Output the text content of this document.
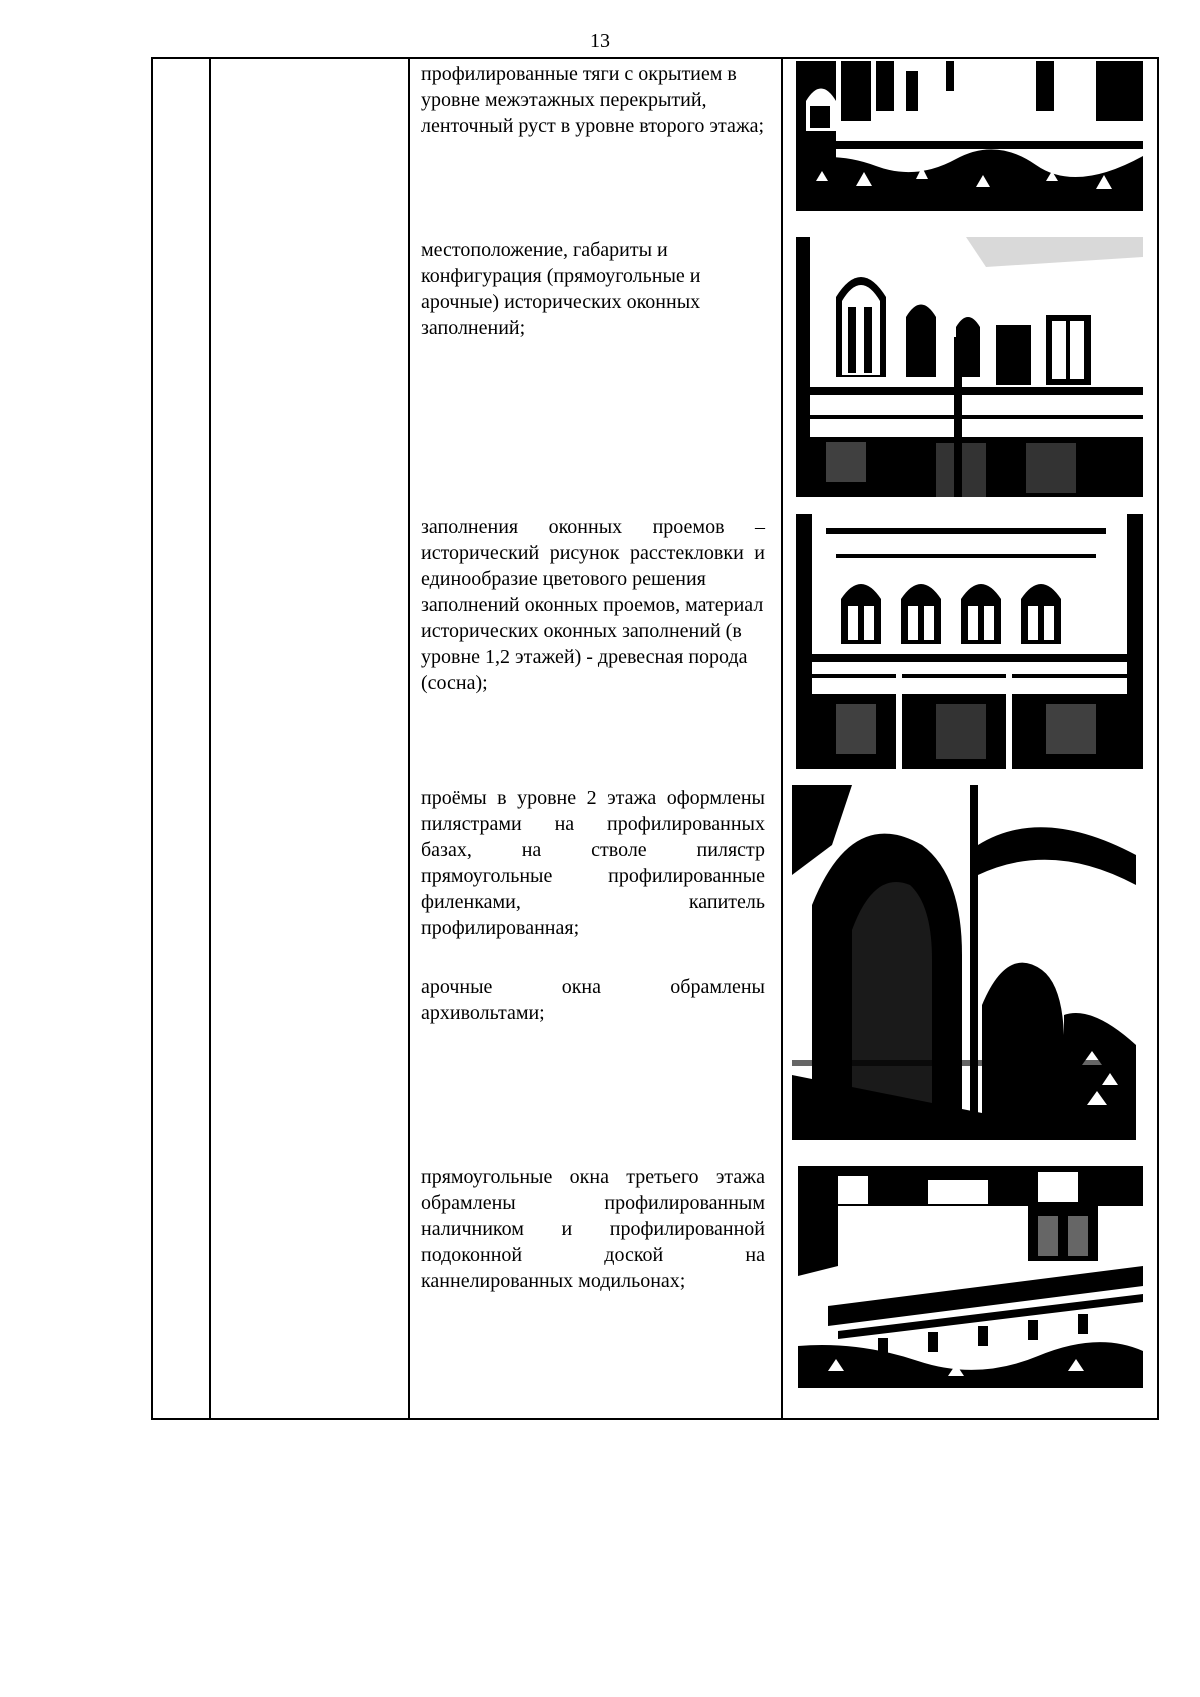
13
профилированные тяги с окрытием в уровне межэтажных перекрытий, ленточный руст в уровне второго этажа;
местоположение, габариты и конфигурация (прямоугольные и арочные) исторических оконных заполнений;
заполнения оконных проемов – исторический рисунок расстекловки и единообразие цветового решения
заполнений оконных проемов, материал исторических оконных заполнений (в уровне 1,2 этажей) - древесная порода (сосна);
проёмы в уровне 2 этажа оформлены пилястрами на профилированных базах, на стволе пилястр прямоугольные профилированные филенками, капитель профилированная;
арочные окна обрамлены архивольтами;
прямоугольные окна третьего этажа обрамлены профилированным наличником и профилированной подоконной доской на каннелированных модильонах;
